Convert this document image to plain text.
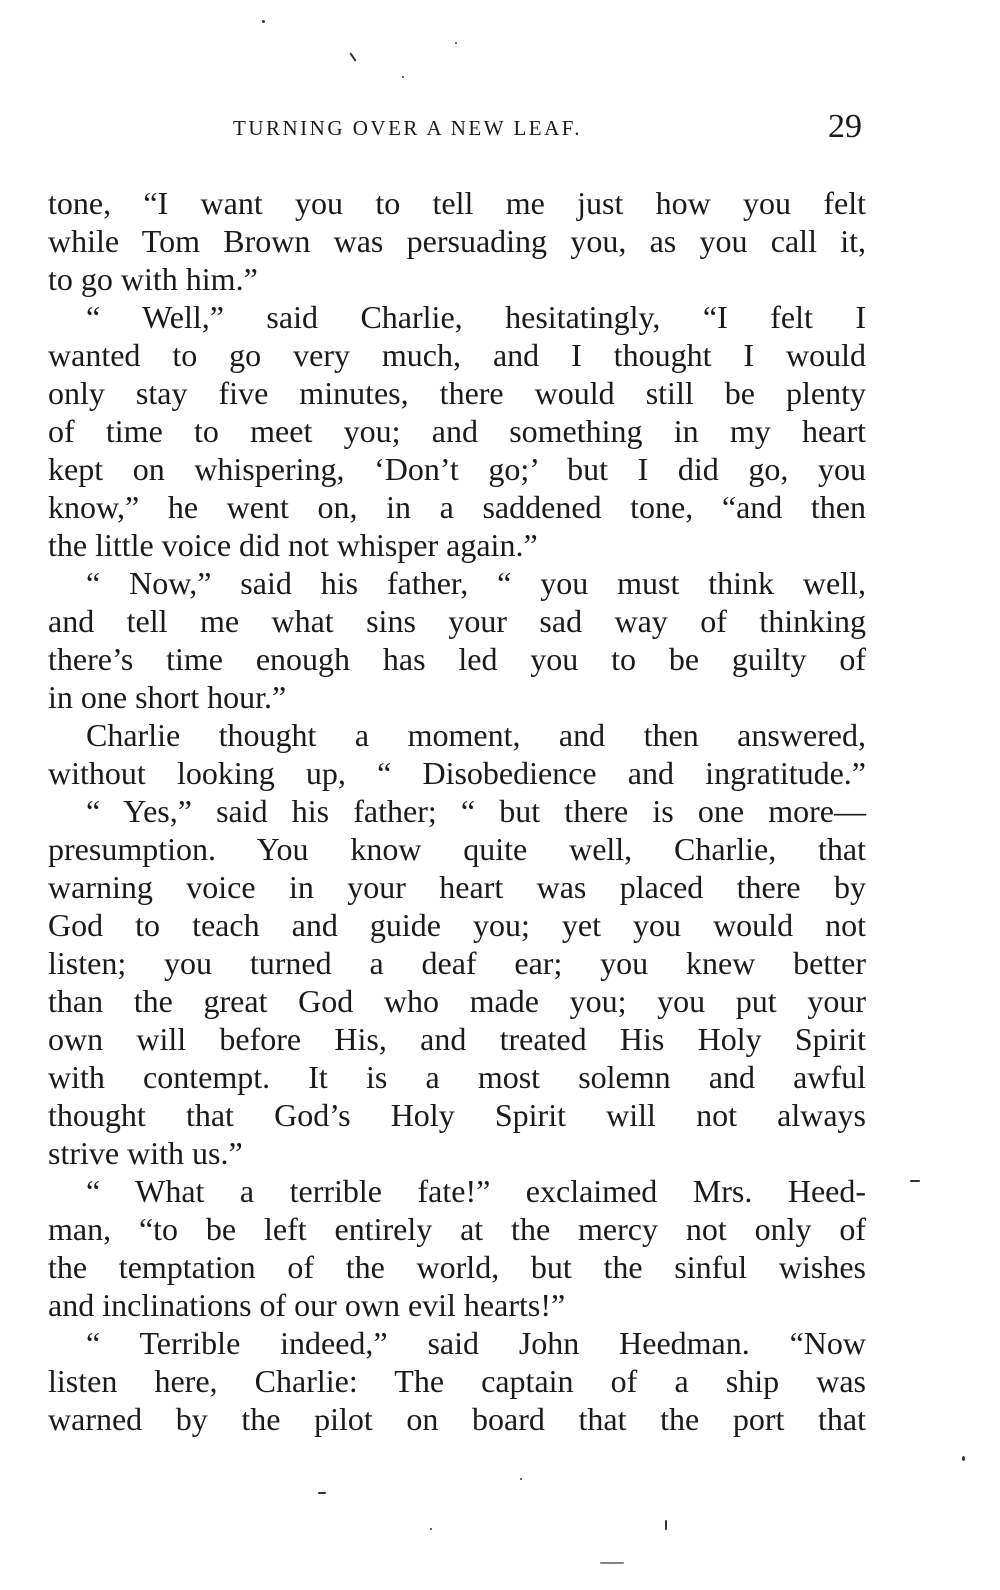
TURNING OVER A NEW LEAF.	29
tone, “I want you to tell me just how you felt
while Tom Brown was persuading you, as you call it,
to go with him.”
“ Well,” said Charlie, hesitatingly, “I felt I
wanted to go very much, and I thought I would
only stay five minutes, there would still be plenty
of time to meet you; and something in my heart
kept on whispering, ‘Don’t go;’ but I did go, you
know,” he went on, in a saddened tone, “and then
the little voice did not whisper again.”
“ Now,” said his father, “ you must think well,
and tell me what sins your sad way of thinking
there’s time enough has led you to be guilty of
in one short hour.”
Charlie thought a moment, and then answered,
without looking up, “ Disobedience and ingratitude.”
“ Yes,” said his father; “ but there is one more—
presumption. You know quite well, Charlie, that
warning voice in your heart was placed there by
God to teach and guide you; yet you would not
listen; you turned a deaf ear; you knew better
than the great God who made you; you put your
own will before His, and treated His Holy Spirit
with contempt. It is a most solemn and awful
thought that God’s Holy Spirit will not always
strive with us.”
“ What a terrible fate!” exclaimed Mrs. Heed-
man, “to be left entirely at the mercy not only of
the temptation of the world, but the sinful wishes
and inclinations of our own evil hearts!”
“ Terrible indeed,” said John Heedman. “Now
listen here, Charlie: The captain of a ship was
warned by the pilot on board that the port that
